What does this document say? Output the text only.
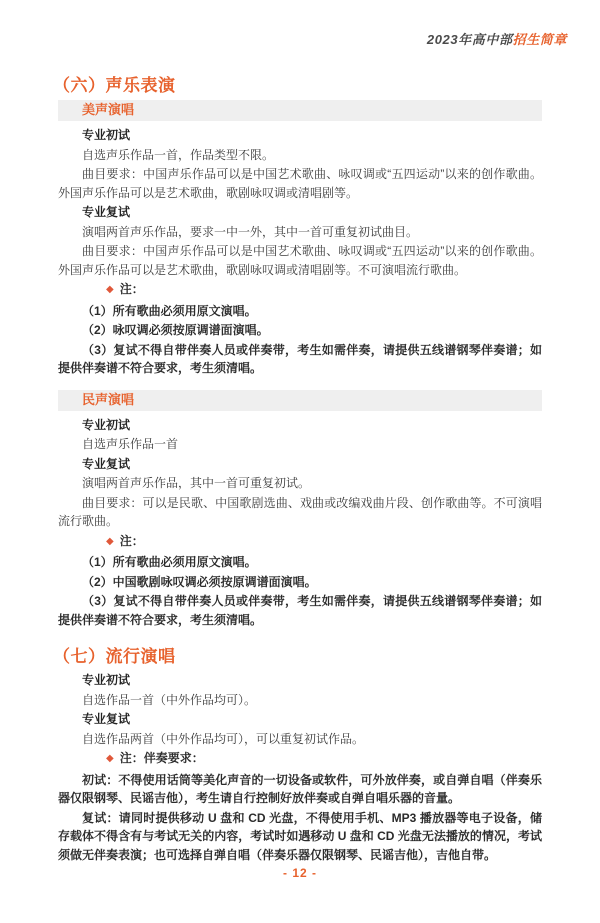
2023年高中部招生简章
（六）声乐表演
美声演唱

专业初试

自选声乐作品一首，作品类型不限。

曲目要求：中国声乐作品可以是中国艺术歌曲、咏叹调或“五四运动”以来的创作歌曲。外国声乐作品可以是艺术歌曲，歌剧咏叹调或清唱剧等。

专业复试

演唱两首声乐作品，要求一中一外，其中一首可重复初试曲目。

曲目要求：中国声乐作品可以是中国艺术歌曲、咏叹调或“五四运动”以来的创作歌曲。外国声乐作品可以是艺术歌曲，歌剧咏叹调或清唱剧等。不可演唱流行歌曲。

◆ 注：

（1）所有歌曲必须用原文演唱。

（2）咏叹调必须按原调谱面演唱。

（3）复试不得自带伴奏人员或伴奏带，考生如需伴奏，请提供五线谱钢琴伴奏谱；如提供伴奏谱不符合要求，考生须清唱。

民声演唱

专业初试

自选声乐作品一首

专业复试

演唱两首声乐作品，其中一首可重复初试。

曲目要求：可以是民歌、中国歌剧选曲、戏曲或改编戏曲片段、创作歌曲等。不可演唱流行歌曲。

◆ 注：

（1）所有歌曲必须用原文演唱。

（2）中国歌剧咏叹调必须按原调谱面演唱。

（3）复试不得自带伴奏人员或伴奏带，考生如需伴奏，请提供五线谱钢琴伴奏谱；如提供伴奏谱不符合要求，考生须清唱。

（七）流行演唱

专业初试

自选作品一首（中外作品均可）。

专业复试

自选作品两首（中外作品均可），可以重复初试作品。

◆ 注：伴奏要求：

初试：不得使用话筒等美化声音的一切设备或软件，可外放伴奏，或自弹自唱（伴奏乐器仅限钢琴、民谣吉他），考生请自行控制好放伴奏或自弹自唱乐器的音量。

复试：请同时提供移动 U 盘和 CD 光盘，不得使用手机、MP3 播放器等电子设备，储存载体不得含有与考试无关的内容，考试时如遇移动 U 盘和 CD 光盘无法播放的情况，考试须做无伴奏表演；也可选择自弹自唱（伴奏乐器仅限钢琴、民谣吉他），吉他自带。

- 12 -
